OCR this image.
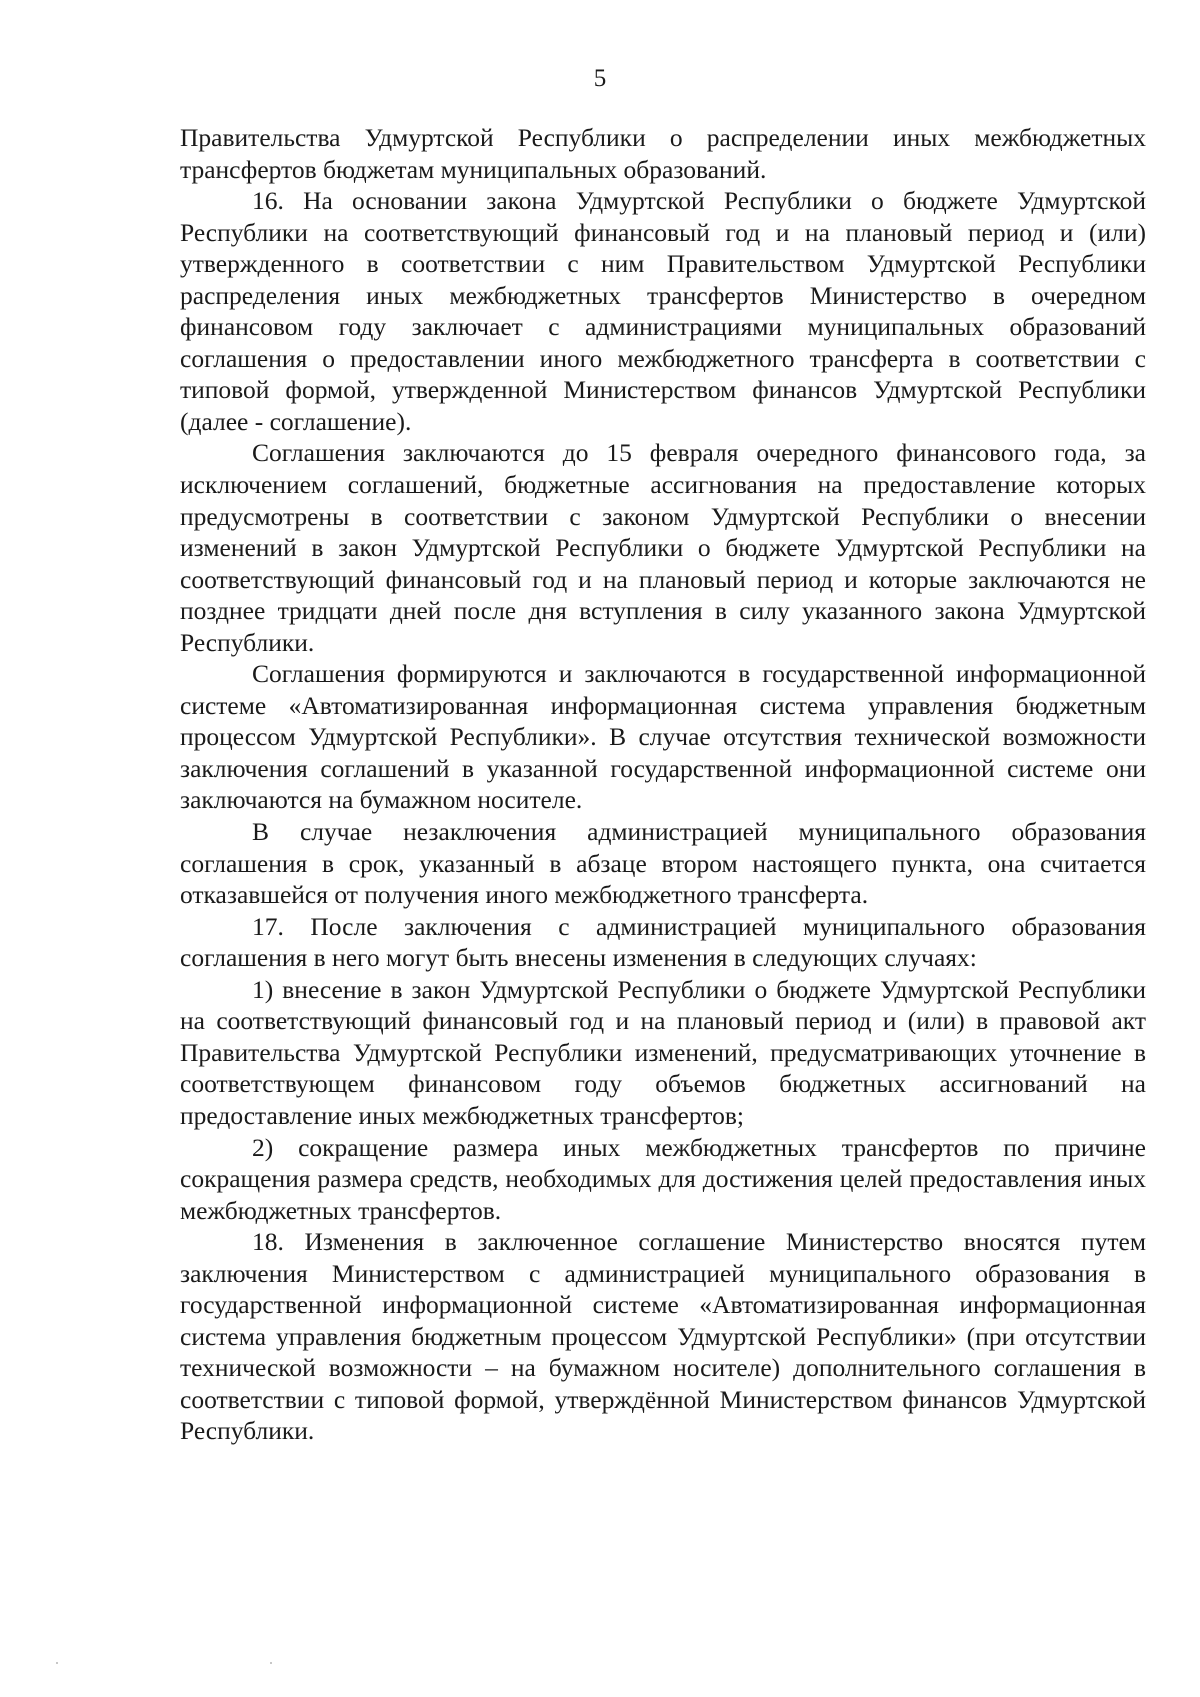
5

Правительства Удмуртской Республики о распределении иных межбюджетных трансфертов бюджетам муниципальных образований.

16. На основании закона Удмуртской Республики о бюджете Удмуртской Республики на соответствующий финансовый год и на плановый период и (или) утвержденного в соответствии с ним Правительством Удмуртской Республики распределения иных межбюджетных трансфертов Министерство в очередном финансовом году заключает с администрациями муниципальных образований соглашения о предоставлении иного межбюджетного трансферта в соответствии с типовой формой, утвержденной Министерством финансов Удмуртской Республики (далее - соглашение).

Соглашения заключаются до 15 февраля очередного финансового года, за исключением соглашений, бюджетные ассигнования на предоставление которых предусмотрены в соответствии с законом Удмуртской Республики о внесении изменений в закон Удмуртской Республики о бюджете Удмуртской Республики на соответствующий финансовый год и на плановый период и которые заключаются не позднее тридцати дней после дня вступления в силу указанного закона Удмуртской Республики.

Соглашения формируются и заключаются в государственной информационной системе «Автоматизированная информационная система управления бюджетным процессом Удмуртской Республики». В случае отсутствия технической возможности заключения соглашений в указанной государственной информационной системе они заключаются на бумажном носителе.

В случае незаключения администрацией муниципального образования соглашения в срок, указанный в абзаце втором настоящего пункта, она считается отказавшейся от получения иного межбюджетного трансферта.

17. После заключения с администрацией муниципального образования соглашения в него могут быть внесены изменения в следующих случаях:

1) внесение в закон Удмуртской Республики о бюджете Удмуртской Республики на соответствующий финансовый год и на плановый период и (или) в правовой акт Правительства Удмуртской Республики изменений, предусматривающих уточнение в соответствующем финансовом году объемов бюджетных ассигнований на предоставление иных межбюджетных трансфертов;

2) сокращение размера иных межбюджетных трансфертов по причине сокращения размера средств, необходимых для достижения целей предоставления иных межбюджетных трансфертов.

18. Изменения в заключенное соглашение Министерство вносятся путем заключения Министерством с администрацией муниципального образования в государственной информационной системе «Автоматизированная информационная система управления бюджетным процессом Удмуртской Республики» (при отсутствии технической возможности – на бумажном носителе) дополнительного соглашения в соответствии с типовой формой, утверждённой Министерством финансов Удмуртской Республики.
